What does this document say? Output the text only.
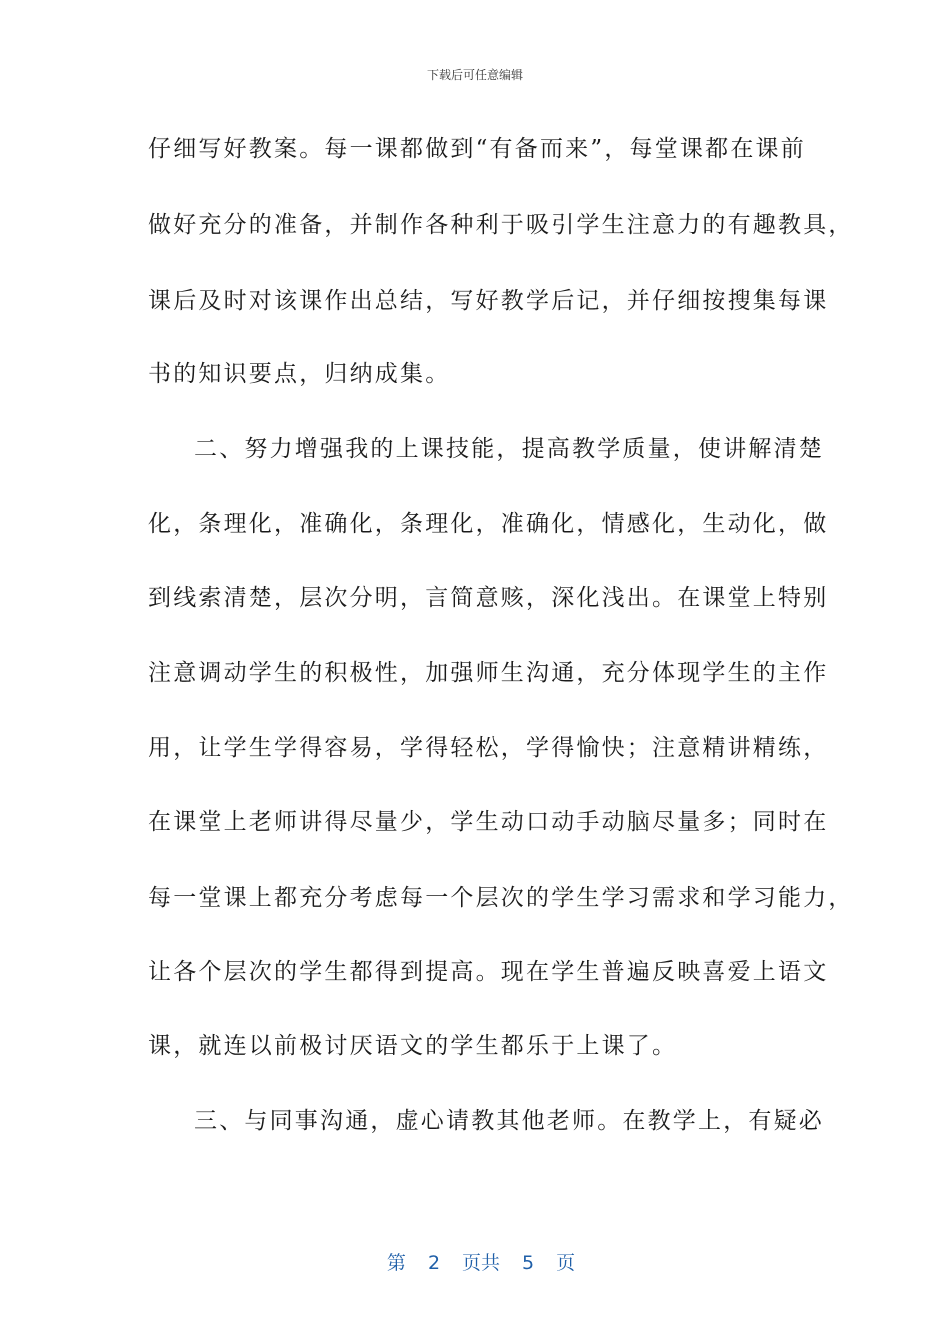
下载后可任意编辑
仔细写好教案。每一课都做到“有备而来”，每堂课都在课前
做好充分的准备，并制作各种利于吸引学生注意力的有趣教具，
课后及时对该课作出总结，写好教学后记，并仔细按搜集每课
书的知识要点，归纳成集。
二、努力增强我的上课技能，提高教学质量，使讲解清楚
化，条理化，准确化，条理化，准确化，情感化，生动化，做
到线索清楚，层次分明，言简意赅，深化浅出。在课堂上特别
注意调动学生的积极性，加强师生沟通，充分体现学生的主作
用，让学生学得容易，学得轻松，学得愉快；注意精讲精练，
在课堂上老师讲得尽量少，学生动口动手动脑尽量多；同时在
每一堂课上都充分考虑每一个层次的学生学习需求和学习能力，
让各个层次的学生都得到提高。现在学生普遍反映喜爱上语文
课，就连以前极讨厌语文的学生都乐于上课了。
三、与同事沟通，虚心请教其他老师。在教学上，有疑必

第 2 页共 5 页
